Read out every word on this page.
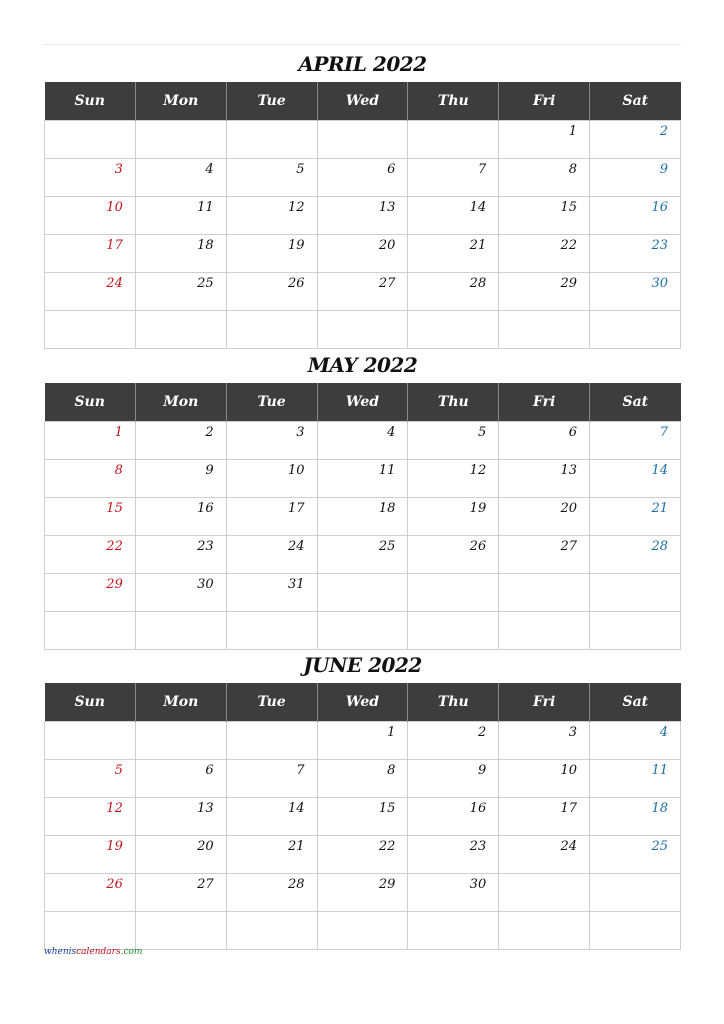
APRIL 2022
Sun	Mon	Tue	Wed	Thu	Fri	Sat
					1	2
3	4	5	6	7	8	9
10	11	12	13	14	15	16
17	18	19	20	21	22	23
24	25	26	27	28	29	30

MAY 2022
Sun	Mon	Tue	Wed	Thu	Fri	Sat
1	2	3	4	5	6	7
8	9	10	11	12	13	14
15	16	17	18	19	20	21
22	23	24	25	26	27	28
29	30	31				

JUNE 2022
Sun	Mon	Tue	Wed	Thu	Fri	Sat
			1	2	3	4
5	6	7	8	9	10	11
12	13	14	15	16	17	18
19	20	21	22	23	24	25
26	27	28	29	30		

wheniscalendars.com
